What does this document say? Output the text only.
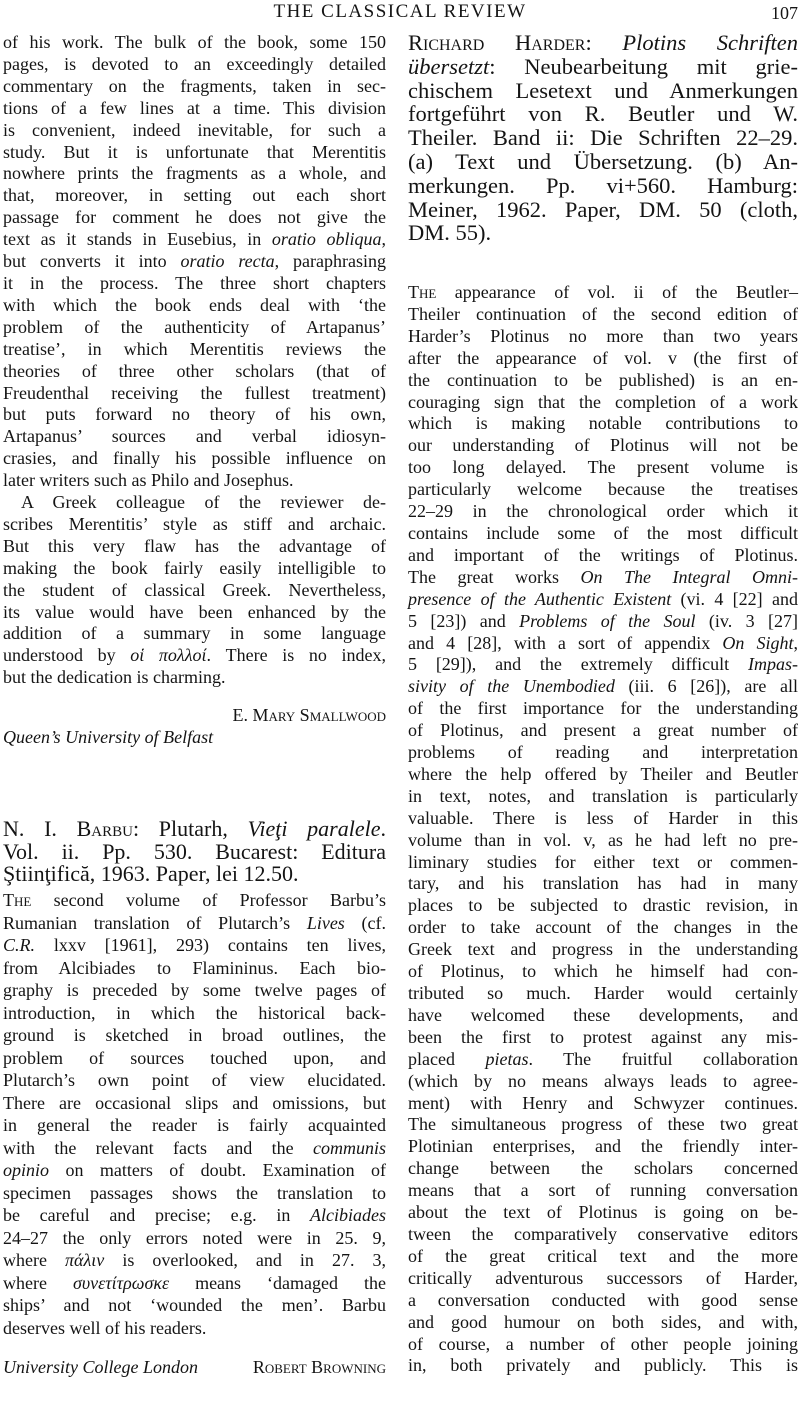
THE CLASSICAL REVIEW	107
of his work. The bulk of the book, some 150
pages, is devoted to an exceedingly detailed
commentary on the fragments, taken in sec-
tions of a few lines at a time. This division
is convenient, indeed inevitable, for such a
study. But it is unfortunate that Merentitis
nowhere prints the fragments as a whole, and
that, moreover, in setting out each short
passage for comment he does not give the
text as it stands in Eusebius, in oratio obliqua,
but converts it into oratio recta, paraphrasing
it in the process. The three short chapters
with which the book ends deal with ‘the
problem of the authenticity of Artapanus’
treatise’, in which Merentitis reviews the
theories of three other scholars (that of
Freudenthal receiving the fullest treatment)
but puts forward no theory of his own,
Artapanus’ sources and verbal idiosyn-
crasies, and finally his possible influence on
later writers such as Philo and Josephus.
A Greek colleague of the reviewer de-
scribes Merentitis’ style as stiff and archaic.
But this very flaw has the advantage of
making the book fairly easily intelligible to
the student of classical Greek. Nevertheless,
its value would have been enhanced by the
addition of a summary in some language
understood by οἱ πολλοί. There is no index,
but the dedication is charming.
E. Mary Smallwood
Queen’s University of Belfast
N. I. Barbu: Plutarh, Vieţi paralele.
Vol. ii. Pp. 530. Bucarest: Editura
Ştiinţifică, 1963. Paper, lei 12.50.
The second volume of Professor Barbu’s
Rumanian translation of Plutarch’s Lives (cf.
C.R. lxxv [1961], 293) contains ten lives,
from Alcibiades to Flamininus. Each bio-
graphy is preceded by some twelve pages of
introduction, in which the historical back-
ground is sketched in broad outlines, the
problem of sources touched upon, and
Plutarch’s own point of view elucidated.
There are occasional slips and omissions, but
in general the reader is fairly acquainted
with the relevant facts and the communis
opinio on matters of doubt. Examination of
specimen passages shows the translation to
be careful and precise; e.g. in Alcibiades
24–27 the only errors noted were in 25. 9,
where πάλιν is overlooked, and in 27. 3,
where συνετίτρωσκε means ‘damaged the
ships’ and not ‘wounded the men’. Barbu
deserves well of his readers.
University College London	Robert Browning
Richard Harder: Plotins Schriften
übersetzt: Neubearbeitung mit grie-
chischem Lesetext und Anmerkungen
fortgeführt von R. Beutler und W.
Theiler. Band ii: Die Schriften 22–29.
(a) Text und Übersetzung. (b) An-
merkungen. Pp. vi+560. Hamburg:
Meiner, 1962. Paper, DM. 50 (cloth,
DM. 55).
The appearance of vol. ii of the Beutler–
Theiler continuation of the second edition of
Harder’s Plotinus no more than two years
after the appearance of vol. v (the first of
the continuation to be published) is an en-
couraging sign that the completion of a work
which is making notable contributions to
our understanding of Plotinus will not be
too long delayed. The present volume is
particularly welcome because the treatises
22–29 in the chronological order which it
contains include some of the most difficult
and important of the writings of Plotinus.
The great works On The Integral Omni-
presence of the Authentic Existent (vi. 4 [22] and
5 [23]) and Problems of the Soul (iv. 3 [27]
and 4 [28], with a sort of appendix On Sight,
5 [29]), and the extremely difficult Impas-
sivity of the Unembodied (iii. 6 [26]), are all
of the first importance for the understanding
of Plotinus, and present a great number of
problems of reading and interpretation
where the help offered by Theiler and Beutler
in text, notes, and translation is particularly
valuable. There is less of Harder in this
volume than in vol. v, as he had left no pre-
liminary studies for either text or commen-
tary, and his translation has had in many
places to be subjected to drastic revision, in
order to take account of the changes in the
Greek text and progress in the understanding
of Plotinus, to which he himself had con-
tributed so much. Harder would certainly
have welcomed these developments, and
been the first to protest against any mis-
placed pietas. The fruitful collaboration
(which by no means always leads to agree-
ment) with Henry and Schwyzer continues.
The simultaneous progress of these two great
Plotinian enterprises, and the friendly inter-
change between the scholars concerned
means that a sort of running conversation
about the text of Plotinus is going on be-
tween the comparatively conservative editors
of the great critical text and the more
critically adventurous successors of Harder,
a conversation conducted with good sense
and good humour on both sides, and with,
of course, a number of other people joining
in, both privately and publicly. This is
